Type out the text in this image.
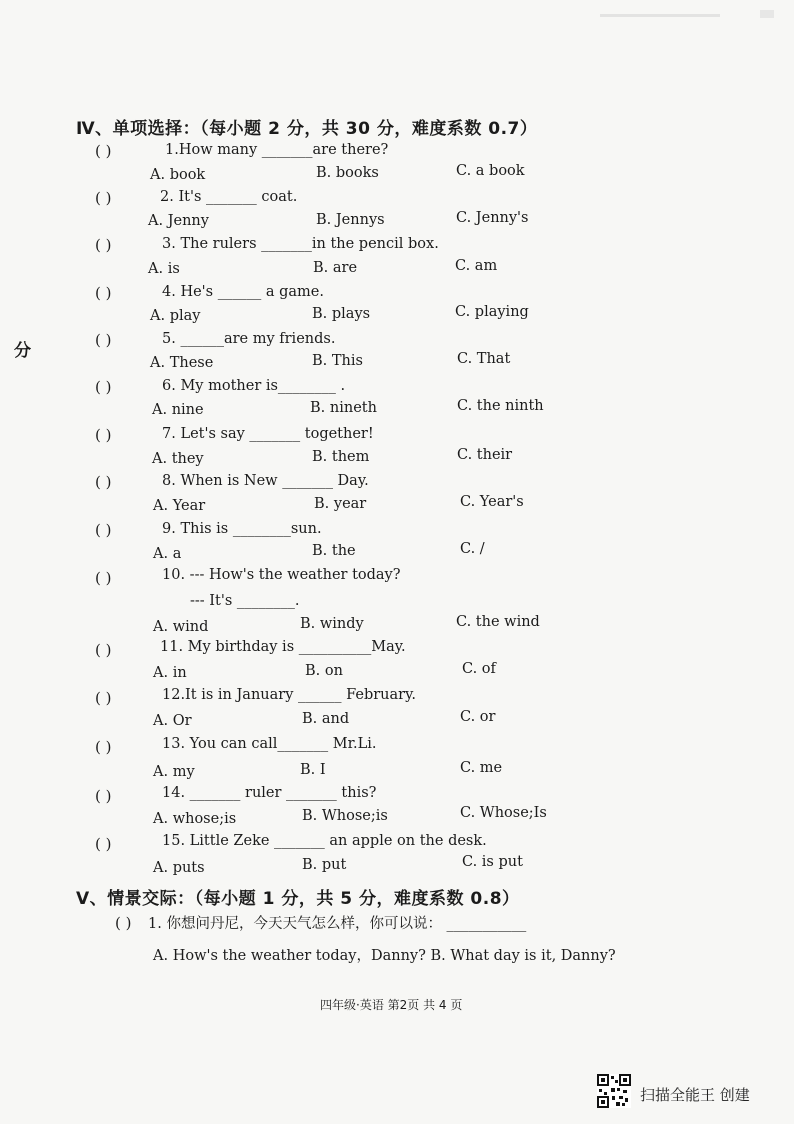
Ⅳ、单项选择：（每小题 2 分，共 30 分，难度系数 0.7）
分
( )	1.How many _______are there?
A. book	B. books	C. a book
( )	2. It's _______ coat.
A. Jenny	B. Jennys	C. Jenny's
( )	3. The rulers _______in the pencil box.
A. is	B. are	C. am
( )	4. He's ______ a game.
A. play	B. plays	C. playing
( )	5. ______are my friends.
A. These	B. This	C. That
( )	6. My mother is________ .
A. nine	B. nineth	C. the ninth
( )	7. Let's say _______ together!
A. they	B. them	C. their
( )	8. When is New _______ Day.
A. Year	B. year	C. Year's
( )	9. This is ________sun.
A. a	B. the	C. /
( )	10. --- How's the weather today?
--- It's ________.
A. wind	B. windy	C. the wind
( )	11. My birthday is __________May.
A. in	B. on	C. of
( )	12.It is in January ______ February.
A. Or	B. and	C. or
( )	13. You can call_______ Mr.Li.
A. my	B. I	C. me
( )	14. _______ ruler _______ this?
A. whose;is	B. Whose;is	C. Whose;Is
( )	15. Little Zeke _______ an apple on the desk.
A. puts	B. put	C. is put
Ⅴ、情景交际：（每小题 1 分，共 5 分，难度系数 0.8）
( ) 1. 你想问丹尼，今天天气怎么样，你可以说： ___________
A. How's the weather today，Danny? B. What day is it, Danny?
四年级·英语 第2页 共 4 页
扫描全能王 创建
